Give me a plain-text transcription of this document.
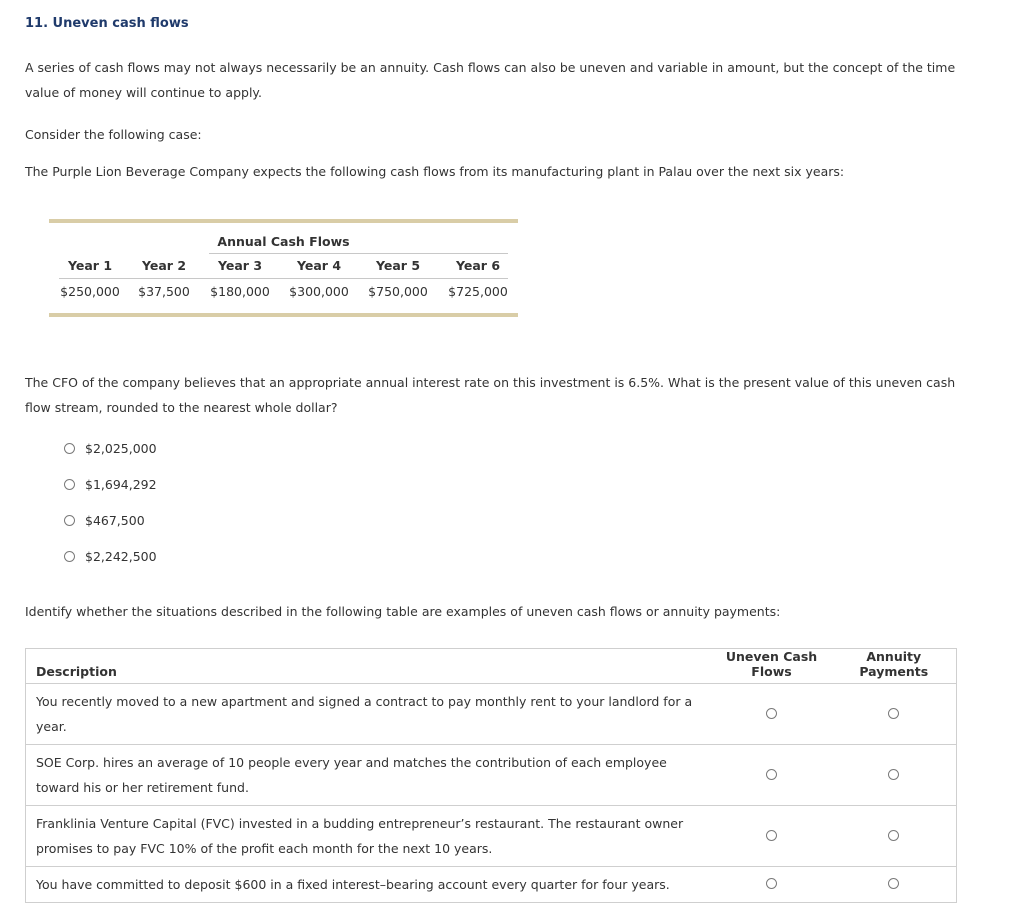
11. Uneven cash flows
A series of cash flows may not always necessarily be an annuity. Cash flows can also be uneven and variable in amount, but the concept of the time value of money will continue to apply.
Consider the following case:
The Purple Lion Beverage Company expects the following cash flows from its manufacturing plant in Palau over the next six years:
Annual Cash Flows
Year 1	Year 2	Year 3	Year 4	Year 5	Year 6
$250,000	$37,500	$180,000	$300,000	$750,000	$725,000
The CFO of the company believes that an appropriate annual interest rate on this investment is 6.5%. What is the present value of this uneven cash flow stream, rounded to the nearest whole dollar?
$2,025,000
$1,694,292
$467,500
$2,242,500
Identify whether the situations described in the following table are examples of uneven cash flows or annuity payments:
Description	Uneven Cash Flows	Annuity Payments
You recently moved to a new apartment and signed a contract to pay monthly rent to your landlord for a year.		
SOE Corp. hires an average of 10 people every year and matches the contribution of each employee toward his or her retirement fund.		
Franklinia Venture Capital (FVC) invested in a budding entrepreneur’s restaurant. The restaurant owner promises to pay FVC 10% of the profit each month for the next 10 years.		
You have committed to deposit $600 in a fixed interest–bearing account every quarter for four years.		
